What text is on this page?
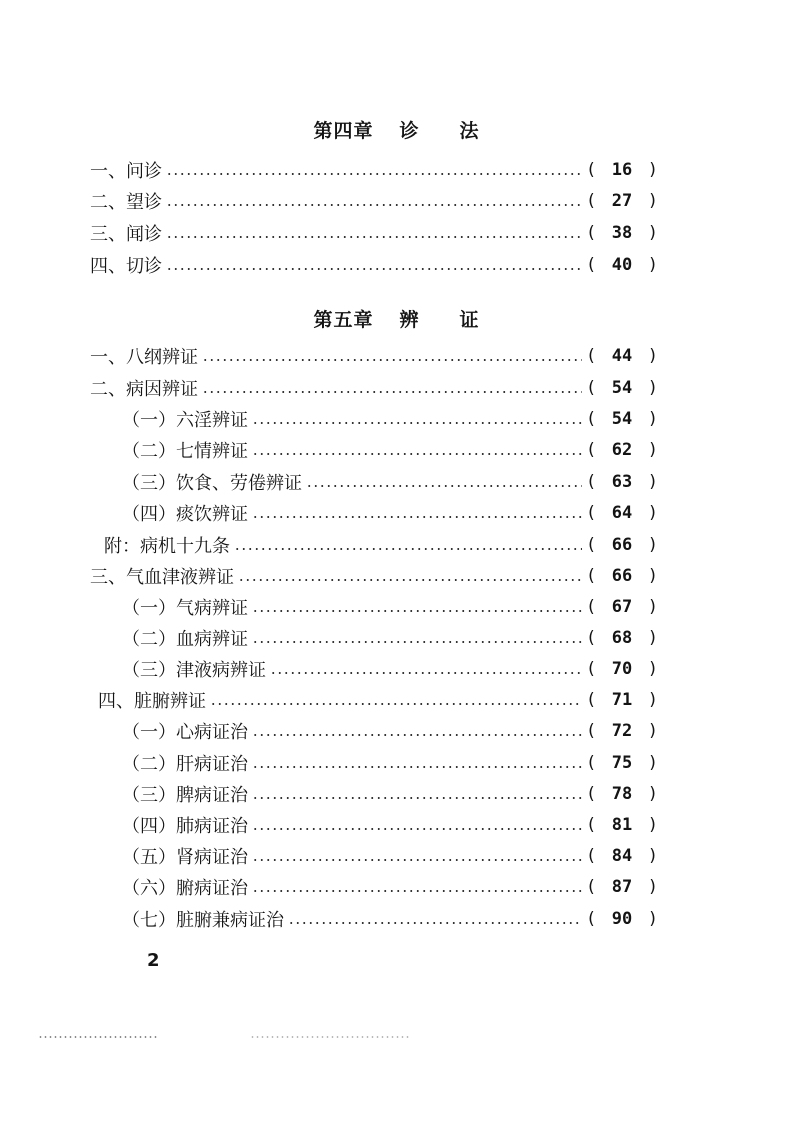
第四章 诊 法
一、问诊	( 16 )
二、望诊	( 27 )
三、闻诊	( 38 )
四、切诊	( 40 )
第五章 辨 证
一、八纲辨证	( 44 )
二、病因辨证	( 54 )
（一）六淫辨证	( 54 )
（二）七情辨证	( 62 )
（三）饮食、劳倦辨证	( 63 )
（四）痰饮辨证	( 64 )
附：病机十九条	( 66 )
三、气血津液辨证	( 66 )
（一）气病辨证	( 67 )
（二）血病辨证	( 68 )
（三）津液病辨证	( 70 )
四、脏腑辨证	( 71 )
（一）心病证治	( 72 )
（二）肝病证治	( 75 )
（三）脾病证治	( 78 )
（四）肺病证治	( 81 )
（五）肾病证治	( 84 )
（六）腑病证治	( 87 )
（七）脏腑兼病证治	( 90 )
2
